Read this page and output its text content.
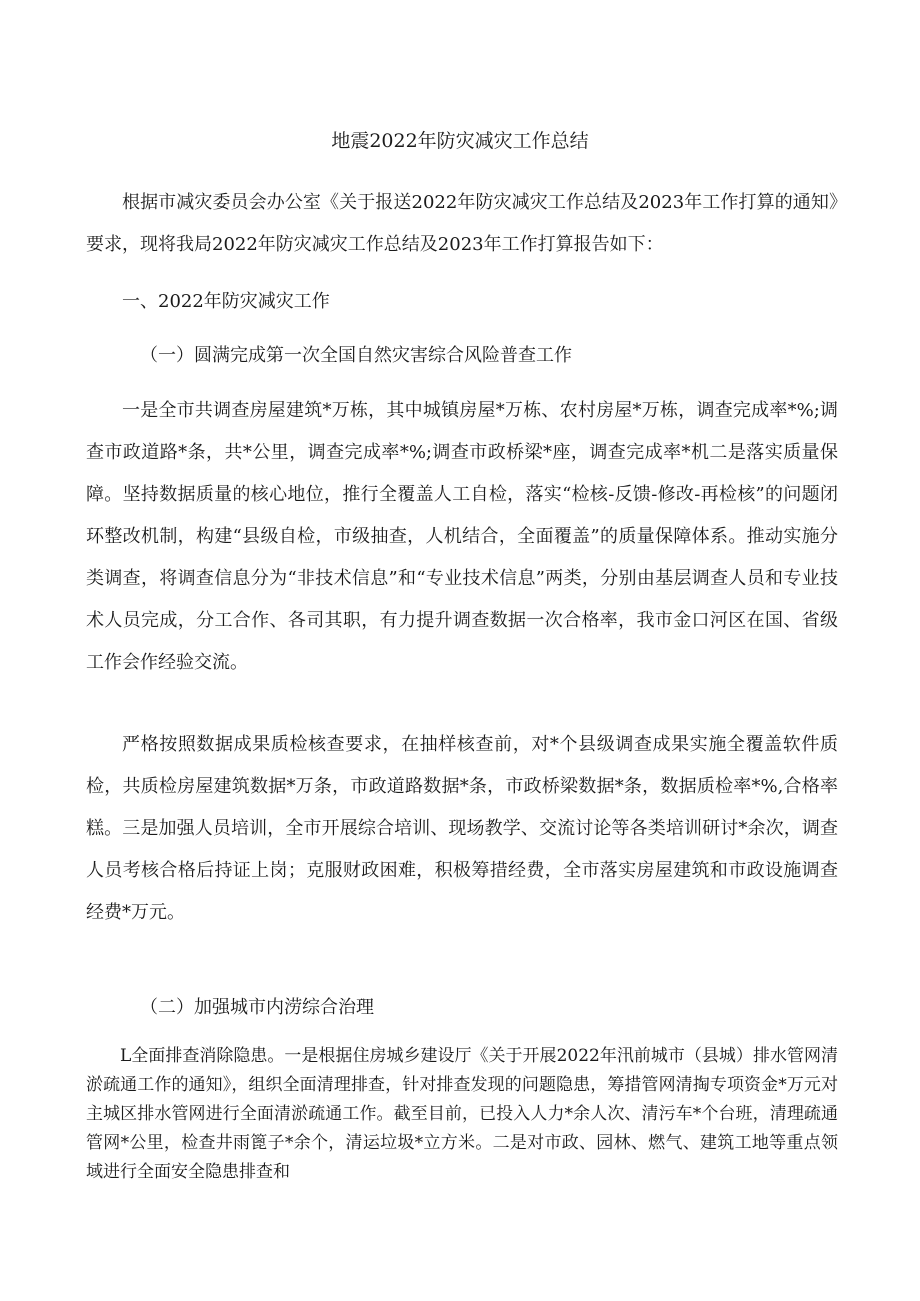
地震2022年防灾减灾工作总结

根据市减灾委员会办公室《关于报送2022年防灾减灾工作总结及2023年工作打算的通知》要求，现将我局2022年防灾减灾工作总结及2023年工作打算报告如下：

一、2022年防灾减灾工作

（一）圆满完成第一次全国自然灾害综合风险普查工作

一是全市共调查房屋建筑*万栋，其中城镇房屋*万栋、农村房屋*万栋，调查完成率*%;调查市政道路*条，共*公里，调查完成率*%;调查市政桥梁*座，调查完成率*机二是落实质量保障。坚持数据质量的核心地位，推行全覆盖人工自检，落实“检核-反馈-修改-再检核”的问题闭环整改机制，构建“县级自检，市级抽查，人机结合，全面覆盖”的质量保障体系。推动实施分类调查，将调查信息分为“非技术信息”和“专业技术信息”两类，分别由基层调查人员和专业技术人员完成，分工合作、各司其职，有力提升调查数据一次合格率，我市金口河区在国、省级工作会作经验交流。

严格按照数据成果质检核查要求，在抽样核查前，对*个县级调查成果实施全覆盖软件质检，共质检房屋建筑数据*万条，市政道路数据*条，市政桥梁数据*条，数据质检率*%,合格率糕。三是加强人员培训，全市开展综合培训、现场教学、交流讨论等各类培训研讨*余次，调查人员考核合格后持证上岗；克服财政困难，积极筹措经费，全市落实房屋建筑和市政设施调查经费*万元。

（二）加强城市内涝综合治理

L全面排查消除隐患。一是根据住房城乡建设厅《关于开展2022年汛前城市（县城）排水管网清淤疏通工作的通知》，组织全面清理排查，针对排查发现的问题隐患，筹措管网清掏专项资金*万元对主城区排水管网进行全面清淤疏通工作。截至目前，已投入人力*余人次、清污车*个台班，清理疏通管网*公里，检查井雨篦子*余个，清运垃圾*立方米。二是对市政、园林、燃气、建筑工地等重点领域进行全面安全隐患排查和
